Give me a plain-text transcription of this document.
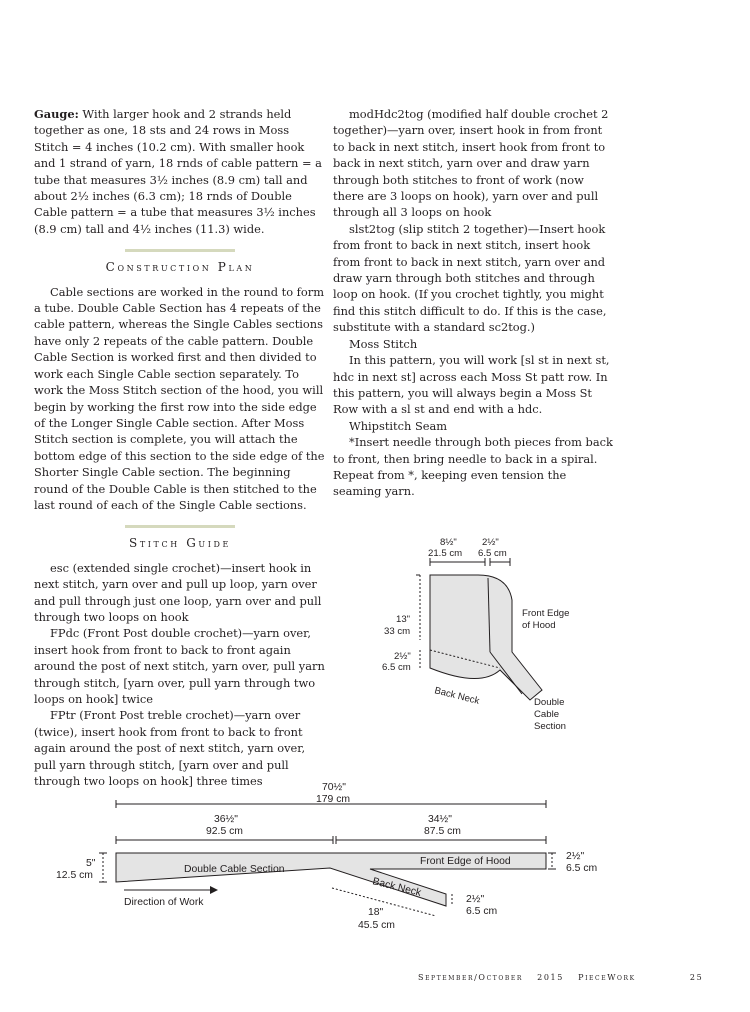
Gauge: With larger hook and 2 strands held together as one, 18 sts and 24 rows in Moss Stitch = 4 inches (10.2 cm). With smaller hook and 1 strand of yarn, 18 rnds of cable pattern = a tube that measures 3½ inches (8.9 cm) tall and about 2½ inches (6.3 cm); 18 rnds of Double Cable pattern = a tube that measures 3½ inches (8.9 cm) tall and 4½ inches (11.3) wide.

Construction Plan

Cable sections are worked in the round to form a tube. Double Cable Section has 4 repeats of the cable pattern, whereas the Single Cables sections have only 2 repeats of the cable pattern. Double Cable Section is worked first and then divided to work each Single Cable section separately. To work the Moss Stitch section of the hood, you will begin by working the first row into the side edge of the Longer Single Cable section. After Moss Stitch section is complete, you will attach the bottom edge of this section to the side edge of the Shorter Single Cable section. The beginning round of the Double Cable is then stitched to the last round of each of the Single Cable sections.

Stitch Guide

esc (extended single crochet)—insert hook in next stitch, yarn over and pull up loop, yarn over and pull through just one loop, yarn over and pull through two loops on hook

FPdc (Front Post double crochet)—yarn over, insert hook from front to back to front again around the post of next stitch, yarn over, pull yarn through stitch, [yarn over, pull yarn through two loops on hook] twice

FPtr (Front Post treble crochet)—yarn over (twice), insert hook from front to back to front again around the post of next stitch, yarn over, pull yarn through stitch, [yarn over and pull through two loops on hook] three times

modHdc2tog (modified half double crochet 2 together)—yarn over, insert hook in from front to back in next stitch, insert hook from front to back in next stitch, yarn over and draw yarn through both stitches to front of work (now there are 3 loops on hook), yarn over and pull through all 3 loops on hook

slst2tog (slip stitch 2 together)—Insert hook from front to back in next stitch, insert hook from front to back in next stitch, yarn over and draw yarn through both stitches and through loop on hook. (If you crochet tightly, you might find this stitch difficult to do. If this is the case, substitute with a standard sc2tog.)

Moss Stitch

In this pattern, you will work [sl st in next st, hdc in next st] across each Moss St patt row. In this pattern, you will always begin a Moss St Row with a sl st and end with a hdc.

Whipstitch Seam

*Insert needle through both pieces from back to front, then bring needle to back in a spiral. Repeat from *, keeping even tension the seaming yarn.

8½"
21.5 cm
2½"
6.5 cm
13"
33 cm
2½"
6.5 cm
Front Edge
of Hood
Back Neck	Double
Cable
Section
70½"
179 cm
36½"
92.5 cm
34½"
87.5 cm
5"
12.5 cm
Double Cable Section
Front Edge of Hood	2½"
6.5 cm
Back Neck
2½"
6.5 cm
18"
45.5 cm
Direction of Work
September/October 2015 PieceWork	25
